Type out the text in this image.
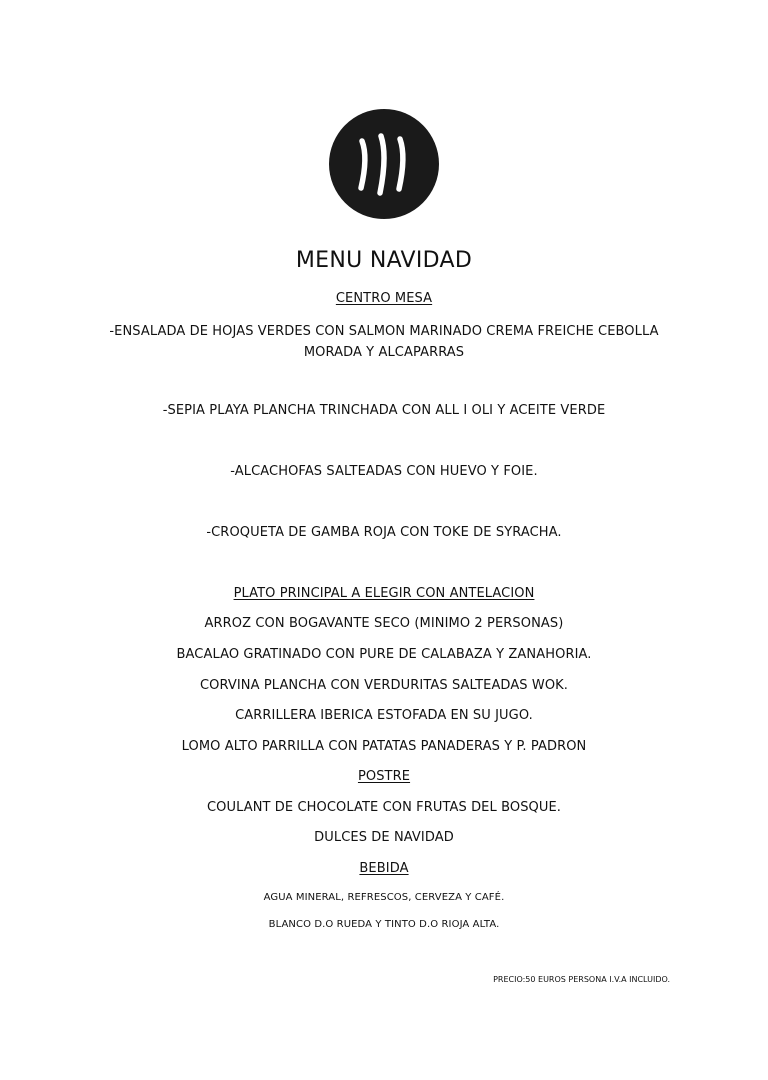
MENU NAVIDAD
CENTRO MESA
-ENSALADA DE HOJAS VERDES CON SALMON MARINADO CREMA FREICHE CEBOLLA
MORADA Y ALCAPARRAS
-SEPIA PLAYA PLANCHA TRINCHADA CON ALL I OLI Y ACEITE VERDE
-ALCACHOFAS SALTEADAS CON HUEVO Y FOIE.
-CROQUETA DE GAMBA ROJA CON TOKE DE SYRACHA.
PLATO PRINCIPAL A ELEGIR CON ANTELACION
ARROZ CON BOGAVANTE SECO (MINIMO 2 PERSONAS)
BACALAO GRATINADO CON PURE DE CALABAZA Y ZANAHORIA.
CORVINA PLANCHA CON VERDURITAS SALTEADAS WOK.
CARRILLERA IBERICA ESTOFADA EN SU JUGO.
LOMO ALTO PARRILLA CON PATATAS PANADERAS Y P. PADRON
POSTRE
COULANT DE CHOCOLATE CON FRUTAS DEL BOSQUE.
DULCES DE NAVIDAD
BEBIDA
AGUA MINERAL, REFRESCOS, CERVEZA Y CAFÉ.
BLANCO D.O RUEDA Y TINTO D.O RIOJA ALTA.
PRECIO:50 EUROS PERSONA I.V.A INCLUIDO.
